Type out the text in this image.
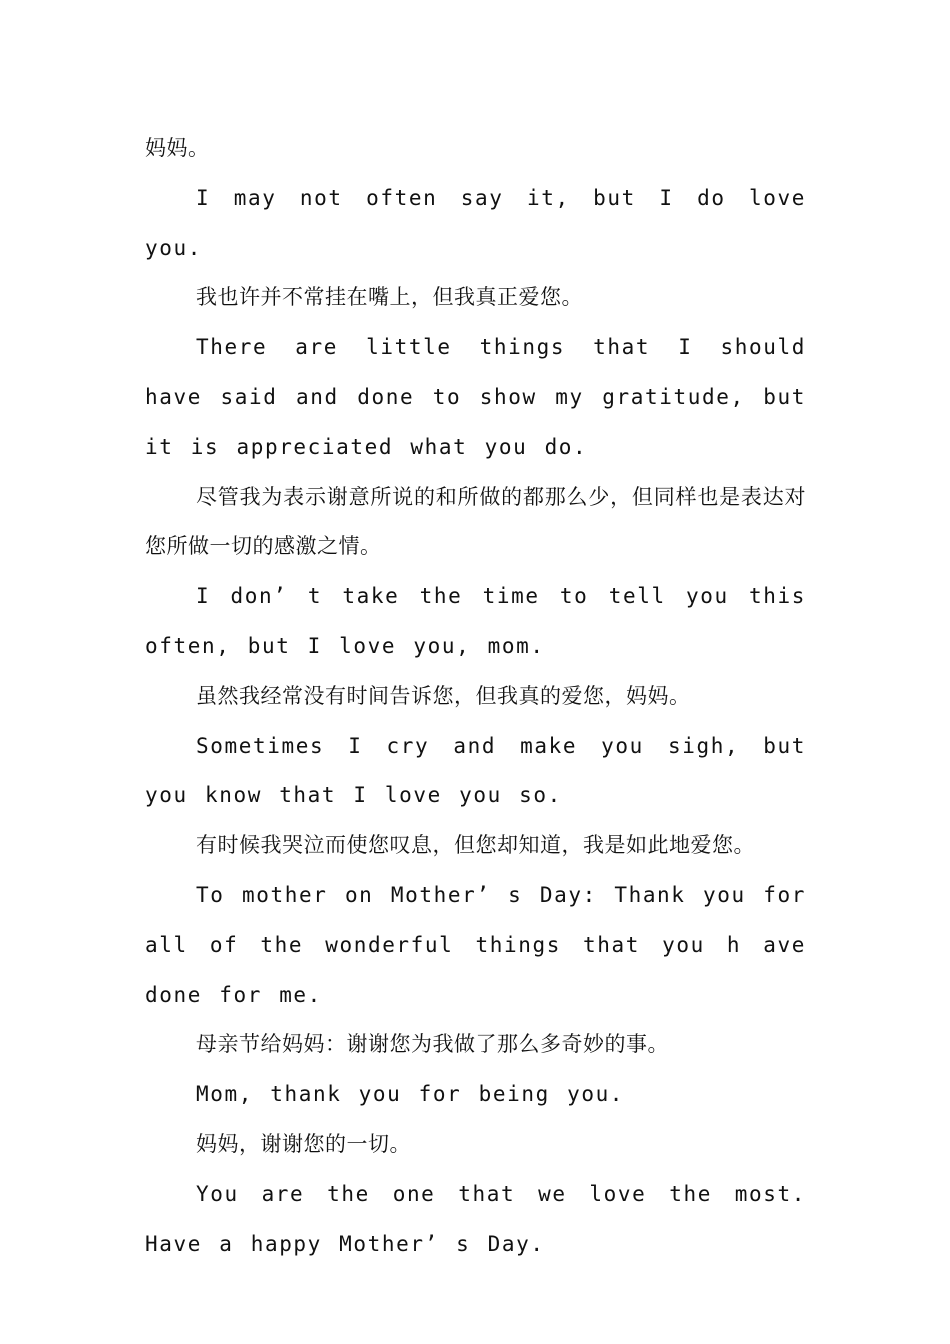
妈妈。

I may not often say it, but I do love you.

我也许并不常挂在嘴上，但我真正爱您。

There are little things that I should have said and done to show my gratitude, but it is appreciated what you do.

尽管我为表示谢意所说的和所做的都那么少，但同样也是表达对您所做一切的感激之情。

I don’ t take the time to tell you this often, but I love you, mom.

虽然我经常没有时间告诉您，但我真的爱您，妈妈。

Sometimes I cry and make you sigh, but you know that I love you so.

有时候我哭泣而使您叹息，但您却知道，我是如此地爱您。

To mother on Mother’ s Day: Thank you for all of the wonderful things that you h ave done for me.

母亲节给妈妈：谢谢您为我做了那么多奇妙的事。

Mom, thank you for being you.

妈妈，谢谢您的一切。

You are the one that we love the most. Have a happy Mother’ s Day.
